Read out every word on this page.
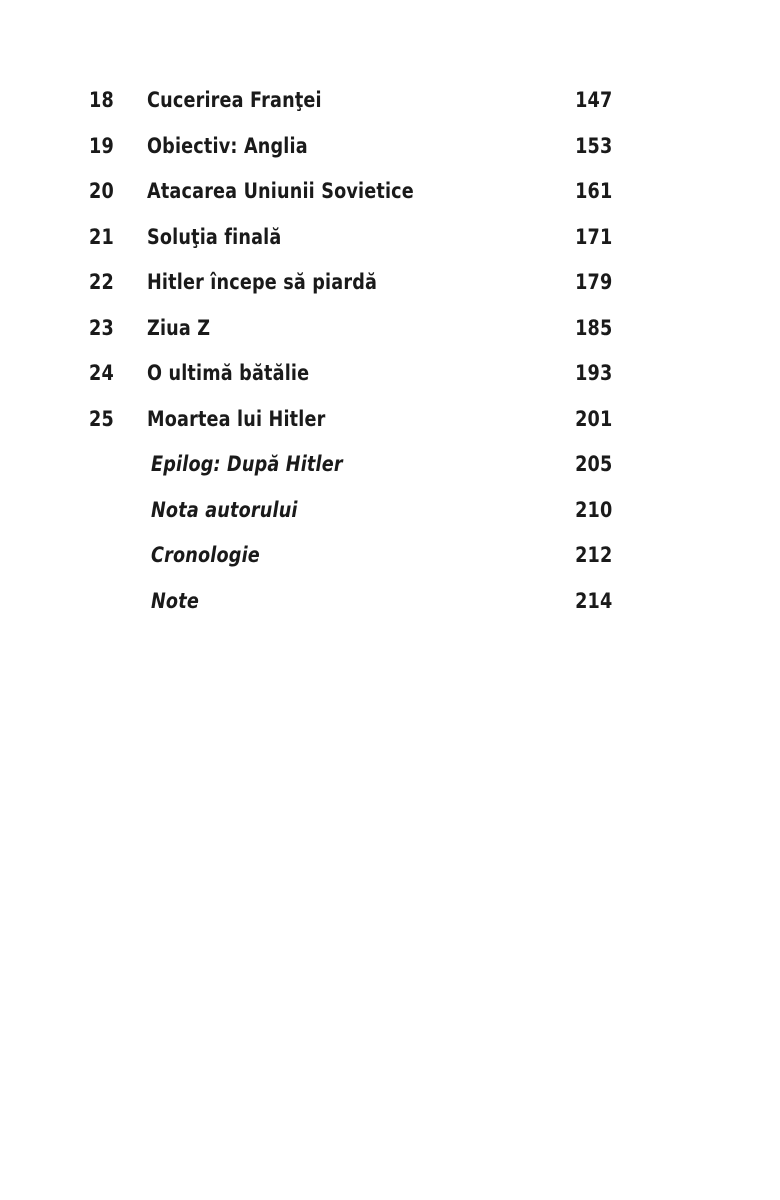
18 Cucerirea Franţei	147
19 Obiectiv: Anglia	153
20 Atacarea Uniunii Sovietice	161
21 Soluţia finală	171
22 Hitler începe să piardă	179
23 Ziua Z	185
24 O ultimă bătălie	193
25 Moartea lui Hitler	201
Epilog: După Hitler	205
Nota autorului	210
Cronologie	212
Note	214
